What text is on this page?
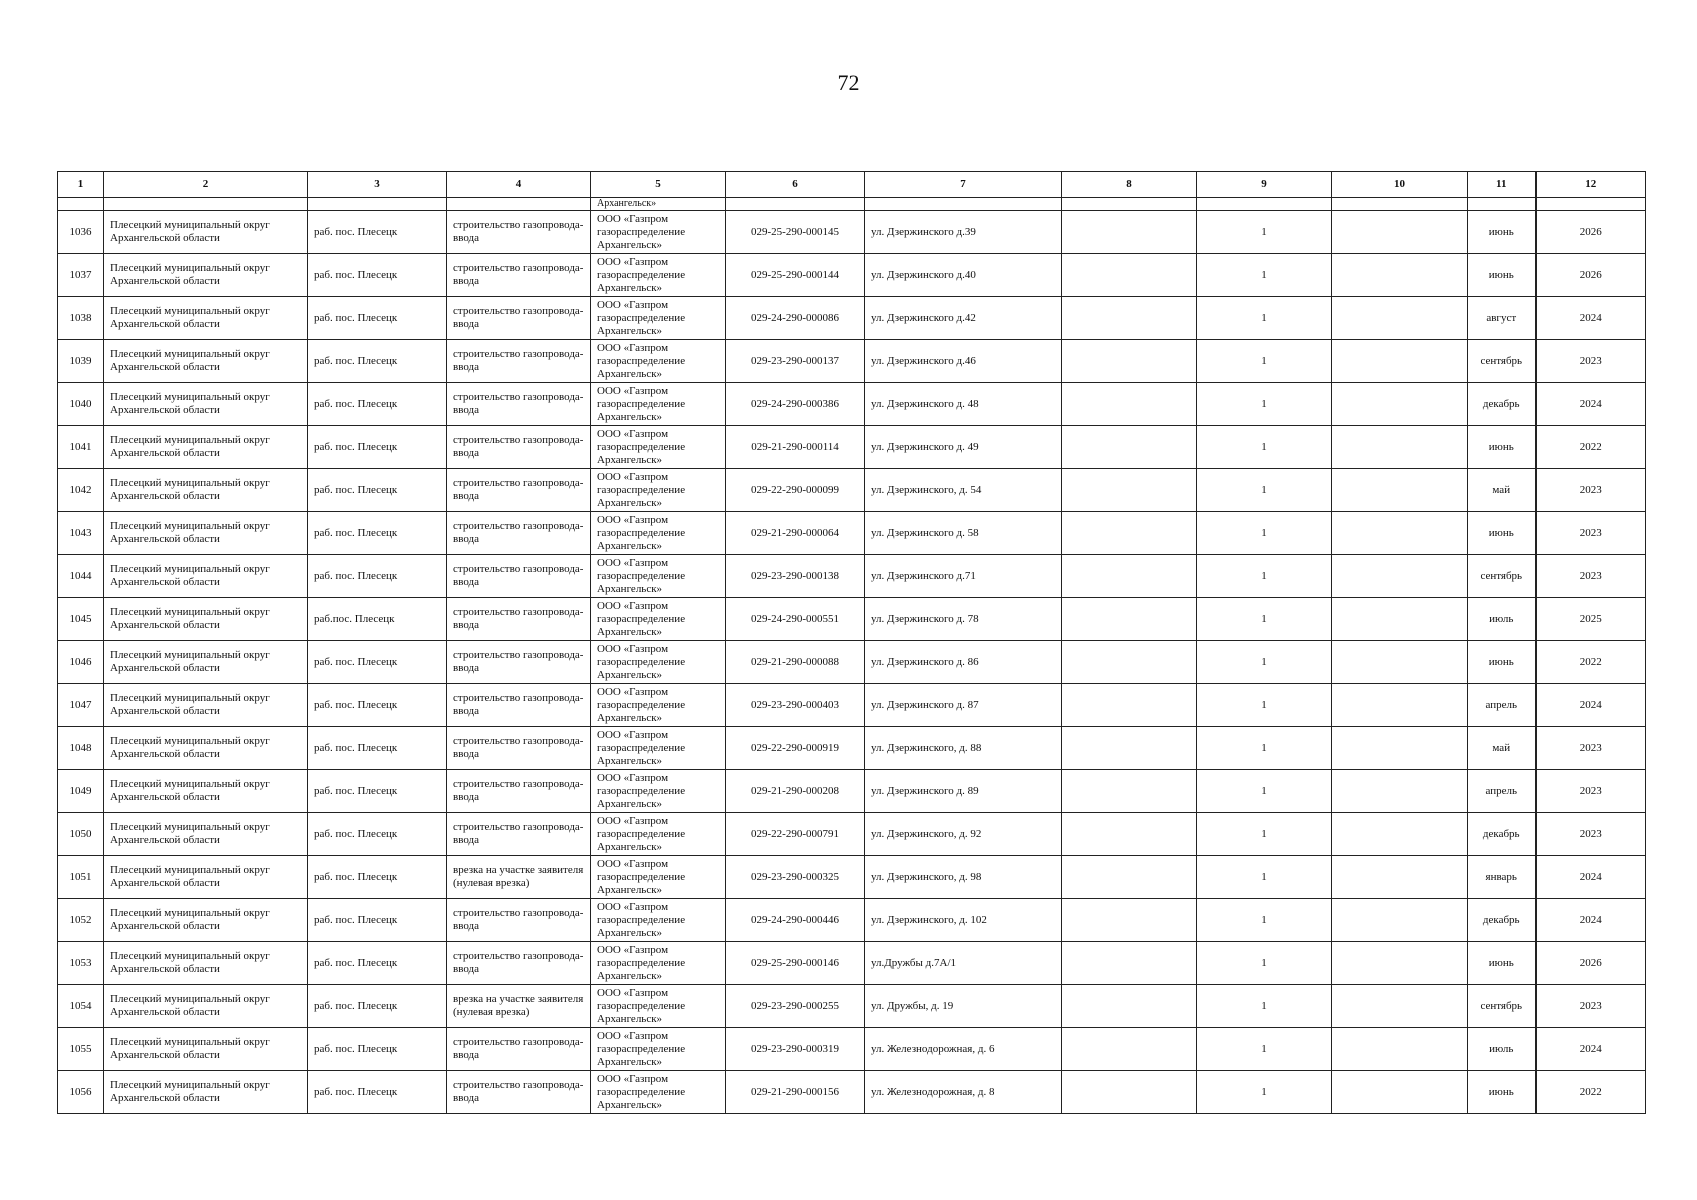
72
1	2	3	4	5	6	7	8	9	10	11	12
				Архангельск»							
1036	Плесецкий муниципальный округ Архангельской области	раб. пос. Плесецк	строительство газопровода-ввода	ООО «Газпром газораспределение Архангельск»	029-25-290-000145	ул. Дзержинского д.39		1		июнь	2026
1037	Плесецкий муниципальный округ Архангельской области	раб. пос. Плесецк	строительство газопровода-ввода	ООО «Газпром газораспределение Архангельск»	029-25-290-000144	ул. Дзержинского д.40		1		июнь	2026
1038	Плесецкий муниципальный округ Архангельской области	раб. пос. Плесецк	строительство газопровода-ввода	ООО «Газпром газораспределение Архангельск»	029-24-290-000086	ул. Дзержинского д.42		1		август	2024
1039	Плесецкий муниципальный округ Архангельской области	раб. пос. Плесецк	строительство газопровода-ввода	ООО «Газпром газораспределение Архангельск»	029-23-290-000137	ул. Дзержинского д.46		1		сентябрь	2023
1040	Плесецкий муниципальный округ Архангельской области	раб. пос. Плесецк	строительство газопровода-ввода	ООО «Газпром газораспределение Архангельск»	029-24-290-000386	ул. Дзержинского д. 48		1		декабрь	2024
1041	Плесецкий муниципальный округ Архангельской области	раб. пос. Плесецк	строительство газопровода-ввода	ООО «Газпром газораспределение Архангельск»	029-21-290-000114	ул. Дзержинского д. 49		1		июнь	2022
1042	Плесецкий муниципальный округ Архангельской области	раб. пос. Плесецк	строительство газопровода-ввода	ООО «Газпром газораспределение Архангельск»	029-22-290-000099	ул. Дзержинского, д. 54		1		май	2023
1043	Плесецкий муниципальный округ Архангельской области	раб. пос. Плесецк	строительство газопровода-ввода	ООО «Газпром газораспределение Архангельск»	029-21-290-000064	ул. Дзержинского д. 58		1		июнь	2023
1044	Плесецкий муниципальный округ Архангельской области	раб. пос. Плесецк	строительство газопровода-ввода	ООО «Газпром газораспределение Архангельск»	029-23-290-000138	ул. Дзержинского д.71		1		сентябрь	2023
1045	Плесецкий муниципальный округ Архангельской области	раб.пос. Плесецк	строительство газопровода-ввода	ООО «Газпром газораспределение Архангельск»	029-24-290-000551	ул. Дзержинского д. 78		1		июль	2025
1046	Плесецкий муниципальный округ Архангельской области	раб. пос. Плесецк	строительство газопровода-ввода	ООО «Газпром газораспределение Архангельск»	029-21-290-000088	ул. Дзержинского д. 86		1		июнь	2022
1047	Плесецкий муниципальный округ Архангельской области	раб. пос. Плесецк	строительство газопровода-ввода	ООО «Газпром газораспределение Архангельск»	029-23-290-000403	ул. Дзержинского д. 87		1		апрель	2024
1048	Плесецкий муниципальный округ Архангельской области	раб. пос. Плесецк	строительство газопровода-ввода	ООО «Газпром газораспределение Архангельск»	029-22-290-000919	ул. Дзержинского, д. 88		1		май	2023
1049	Плесецкий муниципальный округ Архангельской области	раб. пос. Плесецк	строительство газопровода-ввода	ООО «Газпром газораспределение Архангельск»	029-21-290-000208	ул. Дзержинского д. 89		1		апрель	2023
1050	Плесецкий муниципальный округ Архангельской области	раб. пос. Плесецк	строительство газопровода-ввода	ООО «Газпром газораспределение Архангельск»	029-22-290-000791	ул. Дзержинского, д. 92		1		декабрь	2023
1051	Плесецкий муниципальный округ Архангельской области	раб. пос. Плесецк	врезка на участке заявителя (нулевая врезка)	ООО «Газпром газораспределение Архангельск»	029-23-290-000325	ул. Дзержинского, д. 98		1		январь	2024
1052	Плесецкий муниципальный округ Архангельской области	раб. пос. Плесецк	строительство газопровода-ввода	ООО «Газпром газораспределение Архангельск»	029-24-290-000446	ул. Дзержинского, д. 102		1		декабрь	2024
1053	Плесецкий муниципальный округ Архангельской области	раб. пос. Плесецк	строительство газопровода-ввода	ООО «Газпром газораспределение Архангельск»	029-25-290-000146	ул.Дружбы д.7А/1		1		июнь	2026
1054	Плесецкий муниципальный округ Архангельской области	раб. пос. Плесецк	врезка на участке заявителя (нулевая врезка)	ООО «Газпром газораспределение Архангельск»	029-23-290-000255	ул. Дружбы, д. 19		1		сентябрь	2023
1055	Плесецкий муниципальный округ Архангельской области	раб. пос. Плесецк	строительство газопровода-ввода	ООО «Газпром газораспределение Архангельск»	029-23-290-000319	ул. Железнодорожная, д. 6		1		июль	2024
1056	Плесецкий муниципальный округ Архангельской области	раб. пос. Плесецк	строительство газопровода-ввода	ООО «Газпром газораспределение Архангельск»	029-21-290-000156	ул. Железнодорожная, д. 8		1		июнь	2022
